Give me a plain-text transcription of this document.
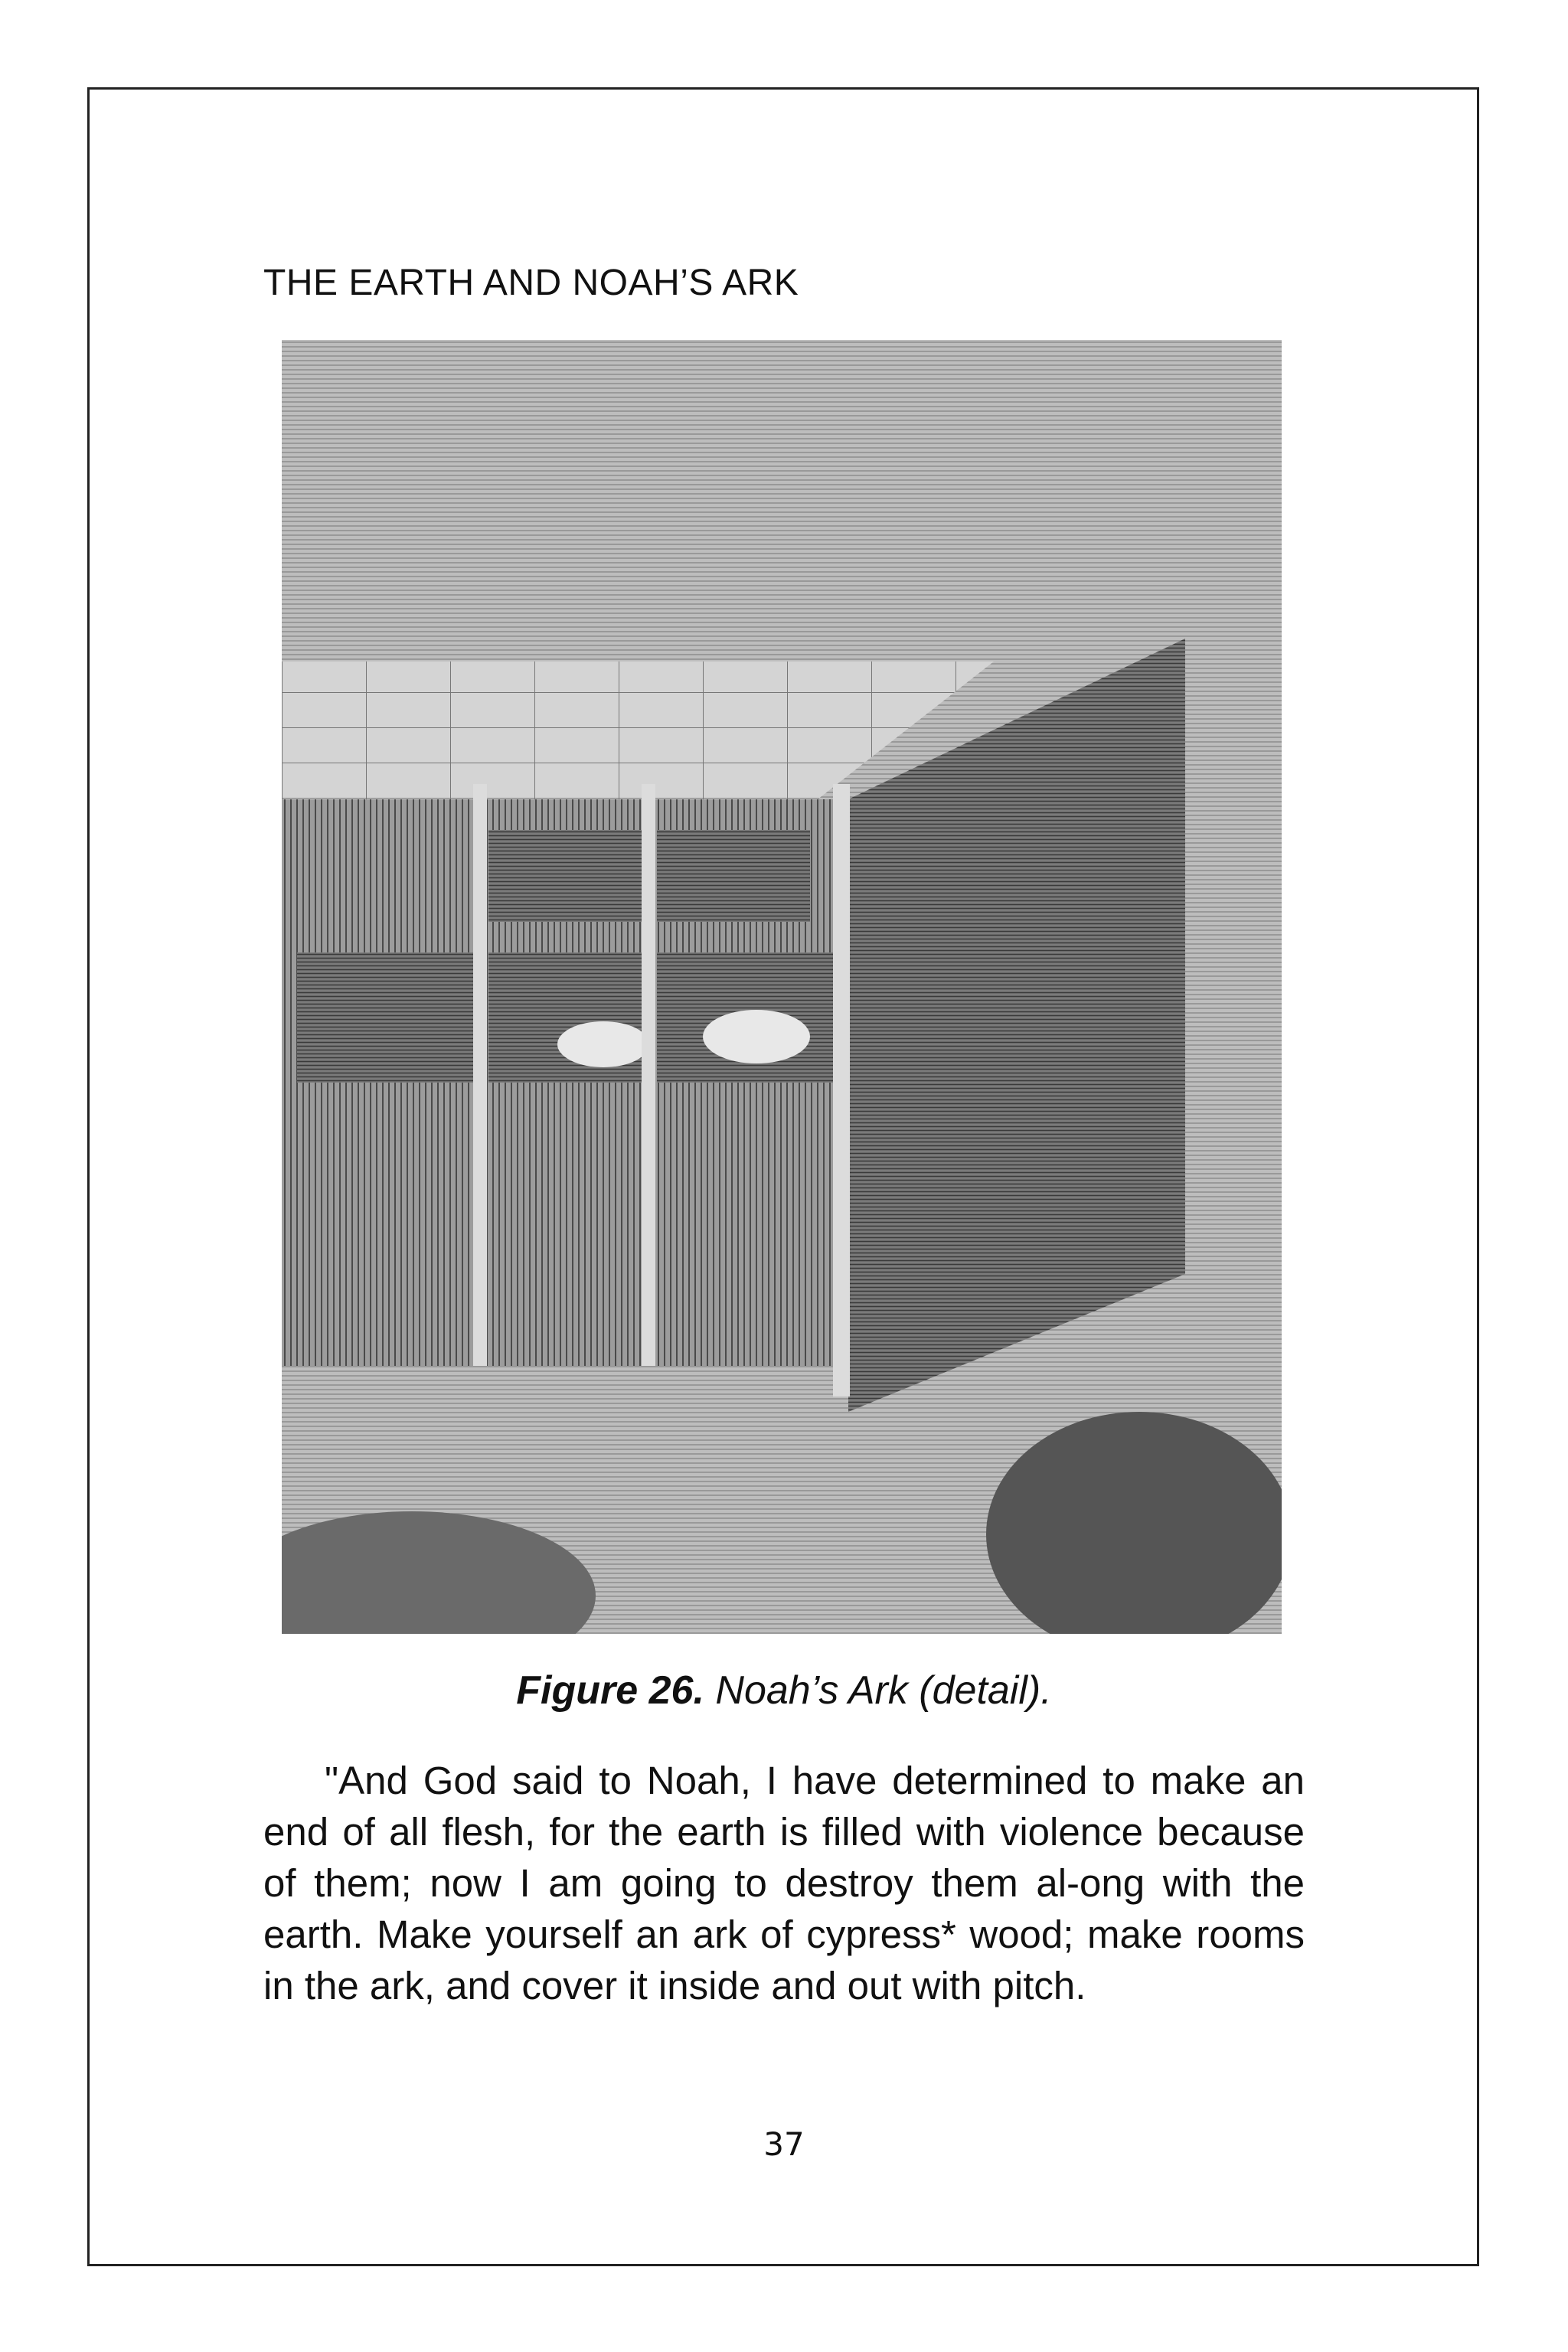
THE EARTH AND NOAH’S ARK
Figure 26. Noah’s Ark (detail).

"And God said to Noah, I have determined to make an end of all flesh, for the earth is filled with violence because of them; now I am going to destroy them al-ong with the earth. Make yourself an ark of cypress* wood; make rooms in the ark, and cover it inside and out with pitch.

37
